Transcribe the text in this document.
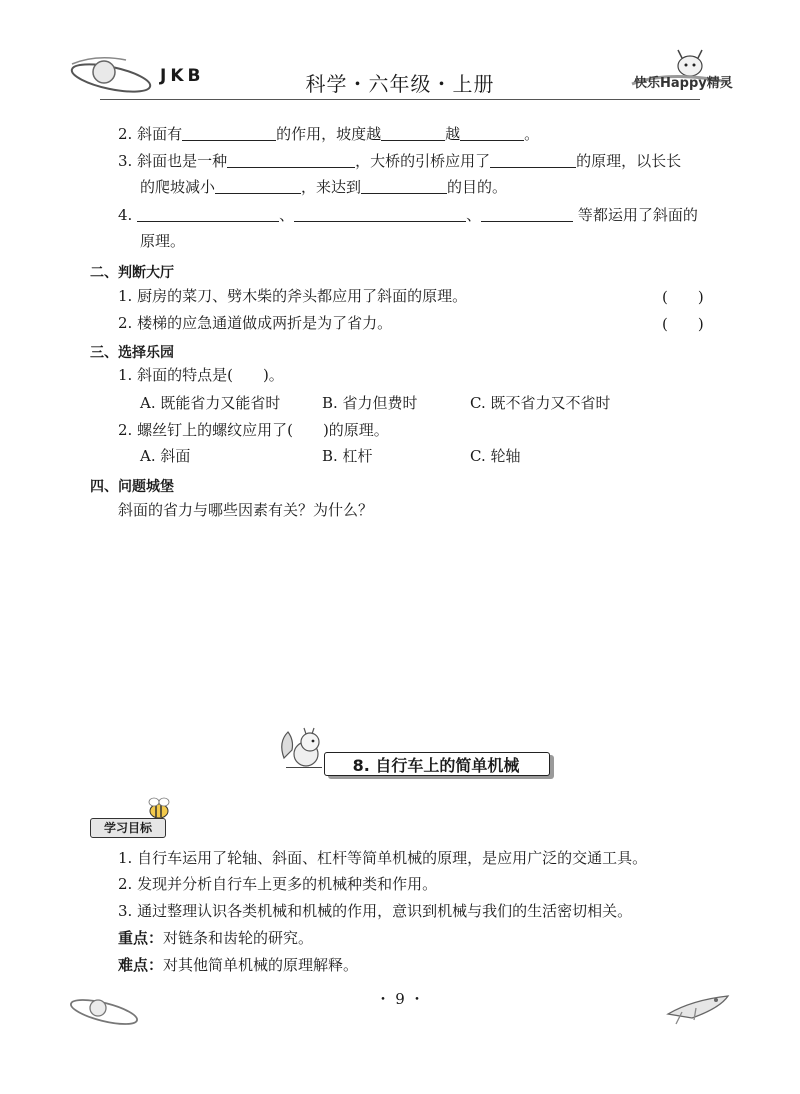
JKB	科学・六年级・上册	快乐Happy精灵
2. 斜面有	的作用，坡度越	越	。
3. 斜面也是一种	，大桥的引桥应用了	的原理，以长长
的爬坡减小	，来达到	的目的。
4.	、	、	等都运用了斜面的
原理。
二、判断大厅
1. 厨房的菜刀、劈木柴的斧头都应用了斜面的原理。	(　　)
2. 楼梯的应急通道做成两折是为了省力。	(　　)
三、选择乐园
1. 斜面的特点是(　　)。
A. 既能省力又能省时	B. 省力但费时	C. 既不省力又不省时
2. 螺丝钉上的螺纹应用了(　　)的原理。
A. 斜面	B. 杠杆	C. 轮轴
四、问题城堡
斜面的省力与哪些因素有关？为什么？
8. 自行车上的简单机械
学习目标
1. 自行车运用了轮轴、斜面、杠杆等简单机械的原理，是应用广泛的交通工具。
2. 发现并分析自行车上更多的机械种类和作用。
3. 通过整理认识各类机械和机械的作用，意识到机械与我们的生活密切相关。
重点：对链条和齿轮的研究。
难点：对其他简单机械的原理解释。
・ 9 ・
